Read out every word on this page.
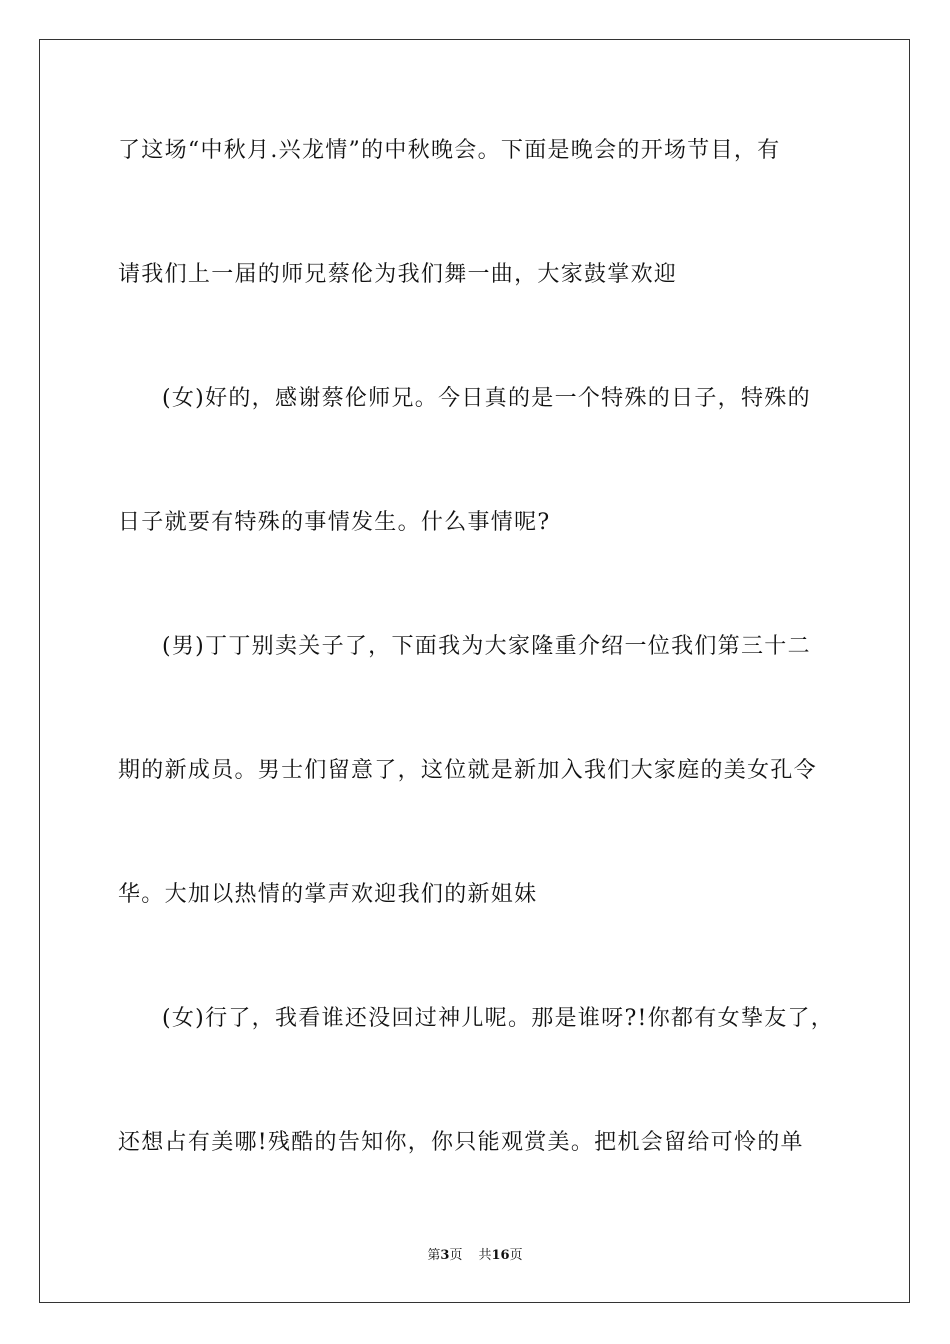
了这场“中秋月.兴龙情”的中秋晚会。下面是晚会的开场节目，有
请我们上一届的师兄蔡伦为我们舞一曲，大家鼓掌欢迎
(女)好的，感谢蔡伦师兄。今日真的是一个特殊的日子，特殊的
日子就要有特殊的事情发生。什么事情呢?
(男)丁丁别卖关子了，下面我为大家隆重介绍一位我们第三十二
期的新成员。男士们留意了，这位就是新加入我们大家庭的美女孔令
华。大加以热情的掌声欢迎我们的新姐妹
(女)行了，我看谁还没回过神儿呢。那是谁呀?!你都有女挚友了，
还想占有美哪!残酷的告知你，你只能观赏美。把机会留给可怜的单
第3页 共16页
